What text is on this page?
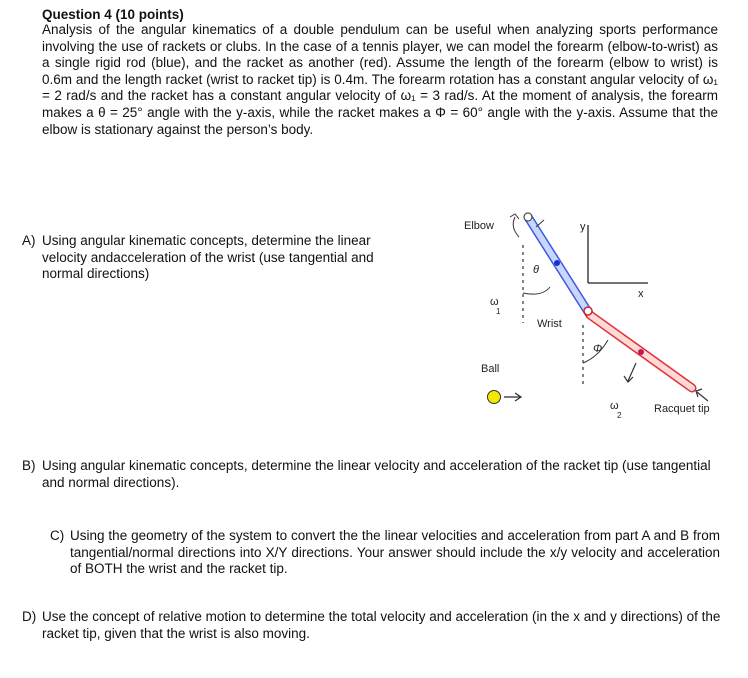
Question 4 (10 points)
Analysis of the angular kinematics of a double pendulum can be useful when analyzing sports performance involving the use of rackets or clubs. In the case of a tennis player, we can model the forearm (elbow-to-wrist) as a single rigid rod (blue), and the racket as another (red). Assume the length of the forearm (elbow to wrist) is 0.6m and the length racket (wrist to racket tip) is 0.4m. The forearm rotation has a constant angular velocity of ω₁ = 2 rad/s and the racket has a constant angular velocity of ω₁ = 3 rad/s. At the moment of analysis, the forearm makes a θ = 25° angle with the y-axis, while the racket makes a Φ = 60° angle with the y-axis. Assume that the elbow is stationary against the person’s body.
A) Using angular kinematic concepts, determine the linear velocity andacceleration of the wrist (use tangential and normal directions)
Elbow
Wrist
Ball
Racquet tip
θ
Φ
y
x
ω
1
ω
2
B) Using angular kinematic concepts, determine the linear velocity and acceleration of the racket tip (use tangential and normal directions).
C) Using the geometry of the system to convert the the linear velocities and acceleration from part A and B from tangential/normal directions into X/Y directions. Your answer should include the x/y velocity and acceleration of BOTH the wrist and the racket tip.
D) Use the concept of relative motion to determine the total velocity and acceleration (in the x and y directions) of the racket tip, given that the wrist is also moving.
